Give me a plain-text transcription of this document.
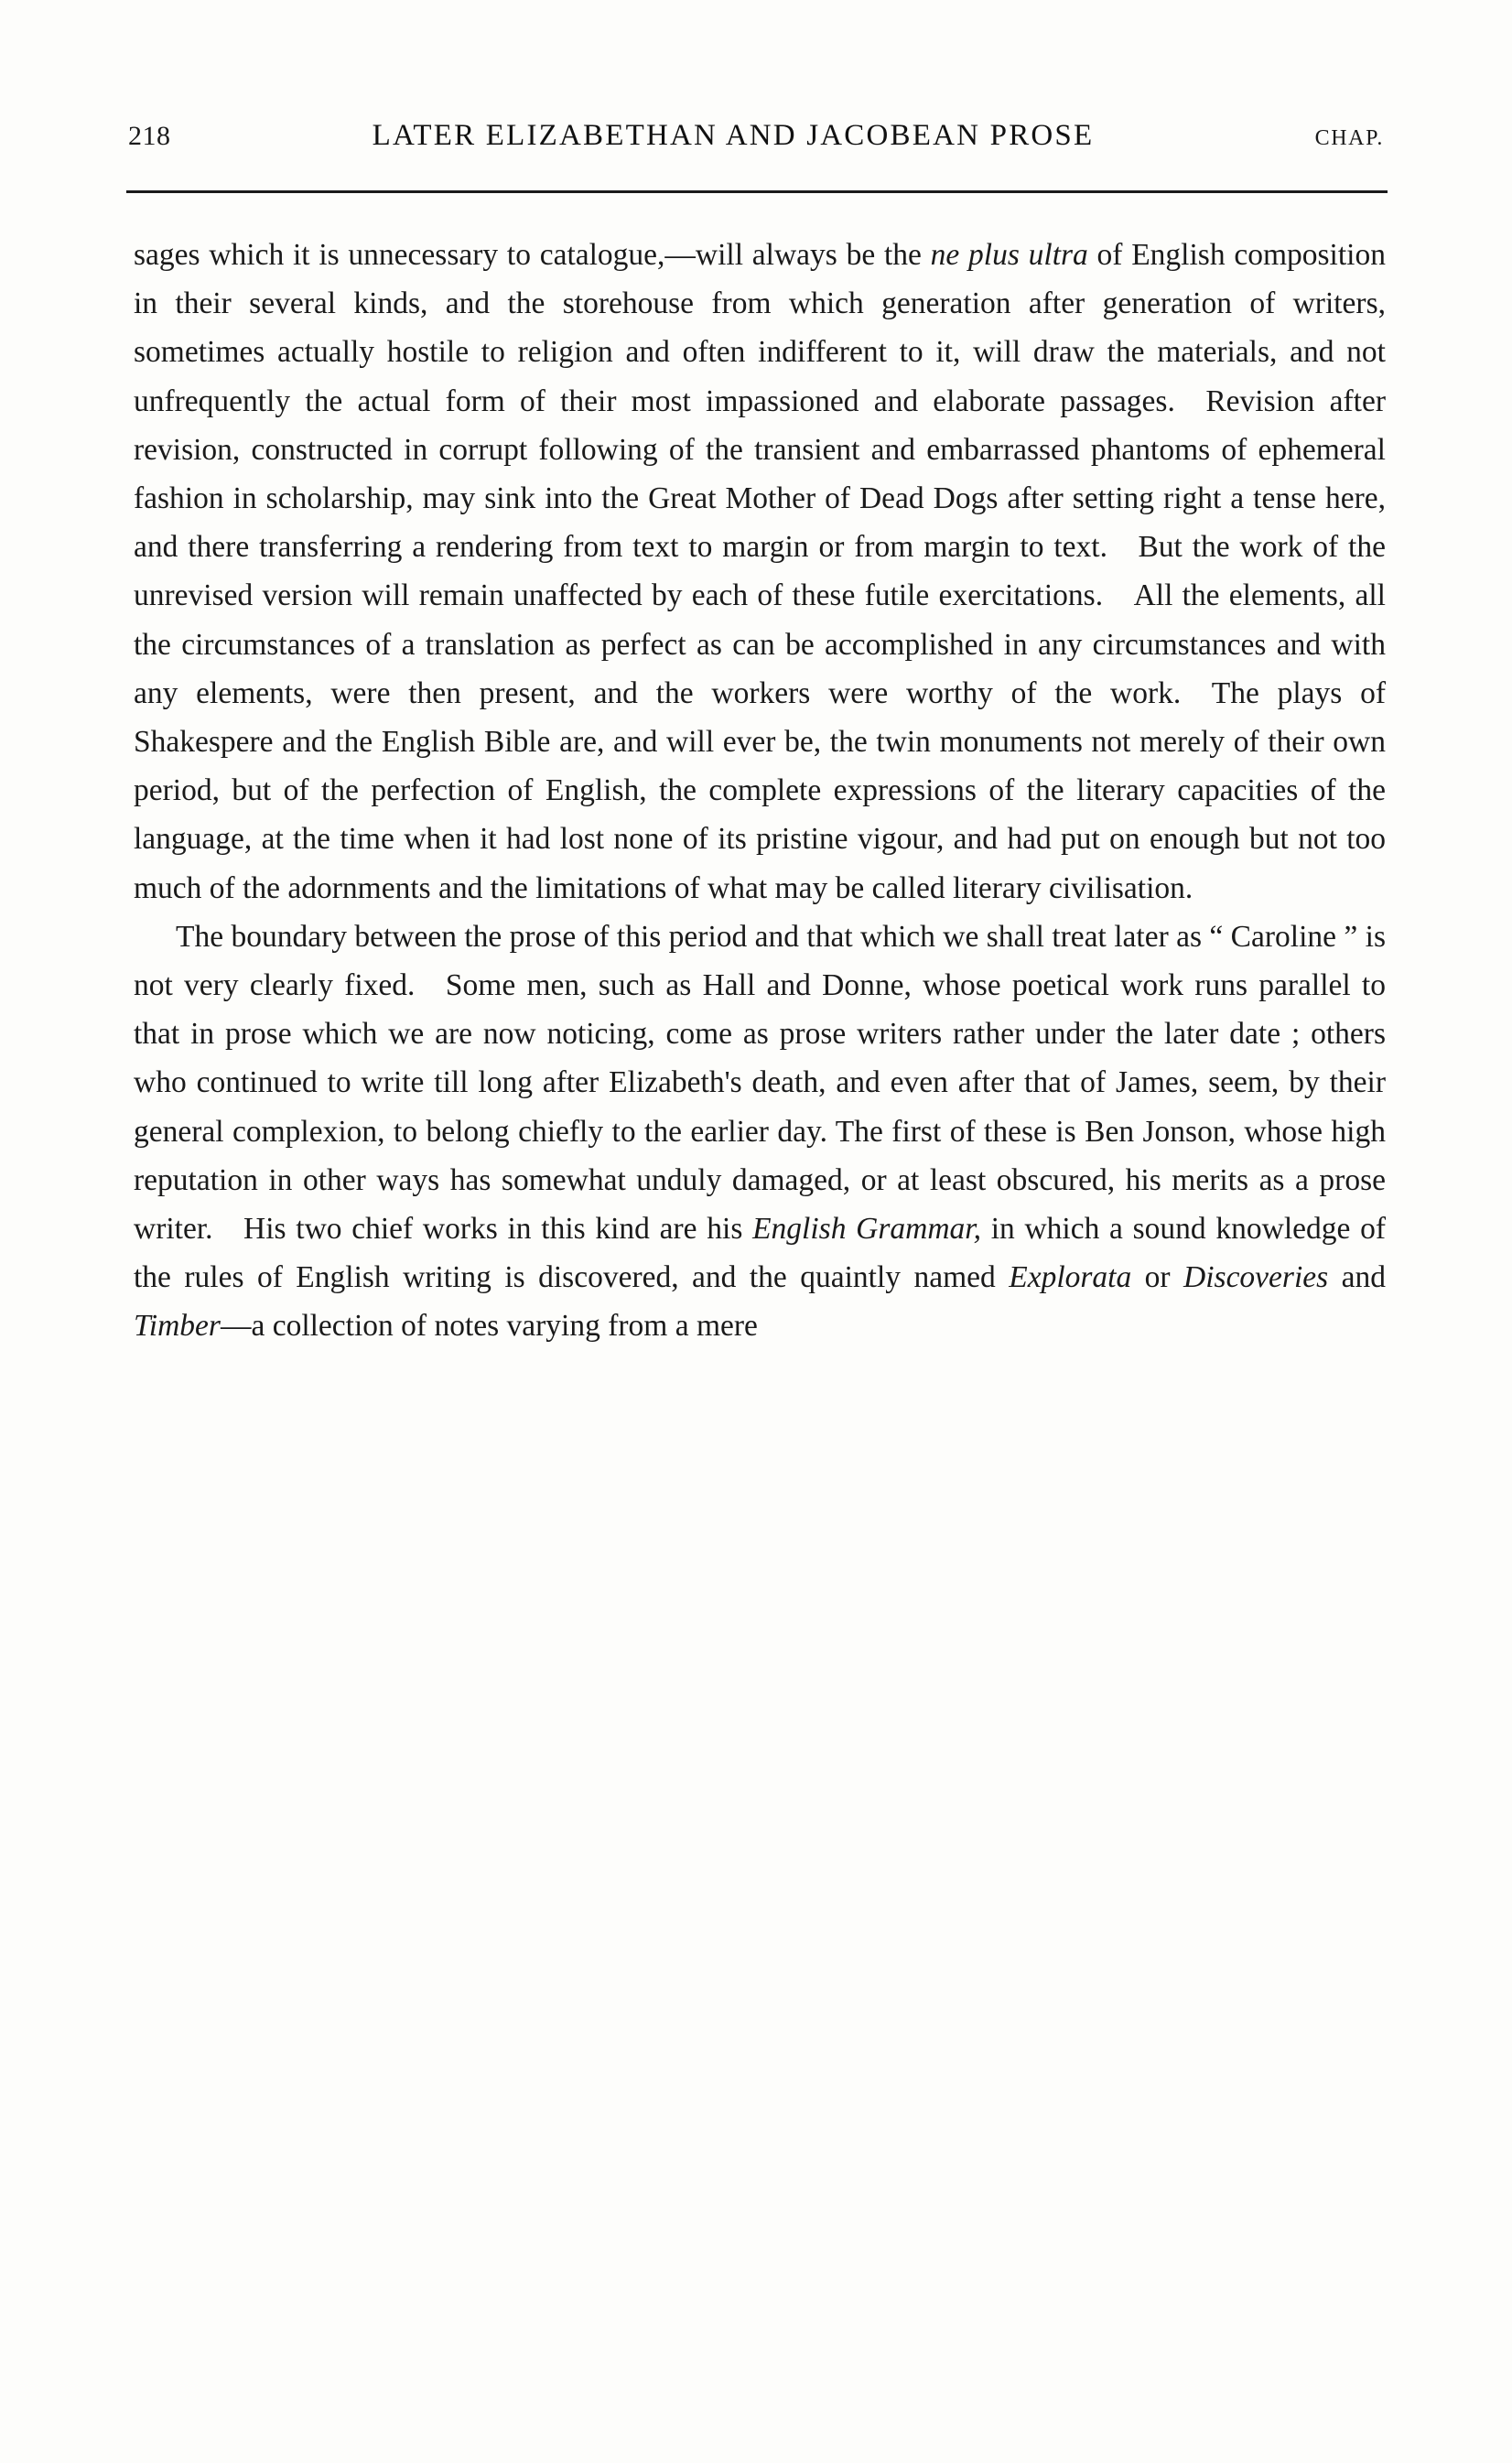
218	LATER ELIZABETHAN AND JACOBEAN PROSE	CHAP.

sages which it is unnecessary to catalogue,—will always be the ne plus ultra of English composition in their several kinds, and the storehouse from which generation after generation of writers, sometimes actually hostile to religion and often indifferent to it, will draw the materials, and not unfrequently the actual form of their most impassioned and elaborate passages. Revision after revision, constructed in corrupt following of the transient and embarrassed phantoms of ephemeral fashion in scholarship, may sink into the Great Mother of Dead Dogs after setting right a tense here, and there transferring a rendering from text to margin or from margin to text. But the work of the unrevised version will remain unaffected by each of these futile exercitations. All the elements, all the circumstances of a translation as perfect as can be accomplished in any circumstances and with any elements, were then present, and the workers were worthy of the work. The plays of Shakespere and the English Bible are, and will ever be, the twin monuments not merely of their own period, but of the perfection of English, the complete expressions of the literary capacities of the language, at the time when it had lost none of its pristine vigour, and had put on enough but not too much of the adornments and the limitations of what may be called literary civilisation.

The boundary between the prose of this period and that which we shall treat later as “ Caroline ” is not very clearly fixed. Some men, such as Hall and Donne, whose poetical work runs parallel to that in prose which we are now noticing, come as prose writers rather under the later date ; others who continued to write till long after Elizabeth's death, and even after that of James, seem, by their general complexion, to belong chiefly to the earlier day. The first of these is Ben Jonson, whose high reputation in other ways has somewhat unduly damaged, or at least obscured, his merits as a prose writer. His two chief works in this kind are his English Grammar, in which a sound knowledge of the rules of English writing is discovered, and the quaintly named Explorata or Discoveries and Timber—a collection of notes varying from a mere
